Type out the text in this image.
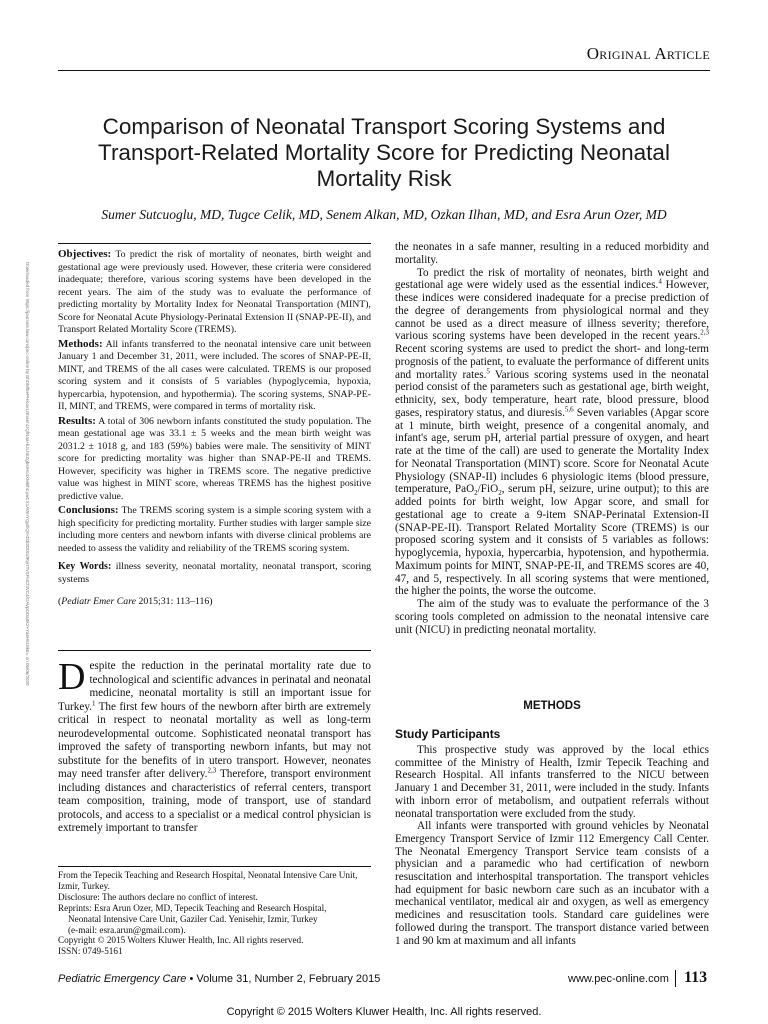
Original Article
Comparison of Neonatal Transport Scoring Systems and Transport-Related Mortality Score for Predicting Neonatal Mortality Risk
Sumer Sutcuoglu, MD, Tugce Celik, MD, Senem Alkan, MD, Ozkan Ilhan, MD, and Esra Arun Ozer, MD
Downloaded from https://journals.lww.com/pec-online by BhDMf5ePHKav1zEoum1tQfN4a+kJLhEZgbsIHo4XMi0hCywCX1AWnYQp/IlQrHD3i3D0OdRyi7TvSFl4Cf3VC4/OAVpDDa8K2+Ya6H515kE= on 05/06/2020

Objectives: To predict the risk of mortality of neonates, birth weight and gestational age were previously used. However, these criteria were considered inadequate; therefore, various scoring systems have been developed in the recent years. The aim of the study was to evaluate the performance of predicting mortality by Mortality Index for Neonatal Transportation (MINT), Score for Neonatal Acute Physiology-Perinatal Extension II (SNAP-PE-II), and Transport Related Mortality Score (TREMS).

Methods: All infants transferred to the neonatal intensive care unit between January 1 and December 31, 2011, were included. The scores of SNAP-PE-II, MINT, and TREMS of the all cases were calculated. TREMS is our proposed scoring system and it consists of 5 variables (hypoglycemia, hypoxia, hypercarbia, hypotension, and hypothermia). The scoring systems, SNAP-PE-II, MINT, and TREMS, were compared in terms of mortality risk.

Results: A total of 306 newborn infants constituted the study population. The mean gestational age was 33.1 ± 5 weeks and the mean birth weight was 2031.2 ± 1018 g, and 183 (59%) babies were male. The sensitivity of MINT score for predicting mortality was higher than SNAP-PE-II and TREMS. However, specificity was higher in TREMS score. The negative predictive value was highest in MINT score, whereas TREMS has the highest positive predictive value.

Conclusions: The TREMS scoring system is a simple scoring system with a high specificity for predicting mortality. Further studies with larger sample size including more centers and newborn infants with diverse clinical problems are needed to assess the validity and reliability of the TREMS scoring system.

Key Words: illness severity, neonatal mortality, neonatal transport, scoring systems

(Pediatr Emer Care 2015;31: 113–116)

Despite the reduction in the perinatal mortality rate due to technological and scientific advances in perinatal and neonatal medicine, neonatal mortality is still an important issue for Turkey.$^1$ The first few hours of the newborn after birth are extremely critical in respect to neonatal mortality as well as long-term neurodevelopmental outcome. Sophisticated neonatal transport has improved the safety of transporting newborn infants, but may not substitute for the benefits of in utero transport. However, neonates may need transfer after delivery.$^{2,3}$ Therefore, transport environment including distances and characteristics of referral centers, transport team composition, training, mode of transport, use of standard protocols, and access to a specialist or a medical control physician is extremely important to transfer

From the Tepecik Teaching and Research Hospital, Neonatal Intensive Care Unit, Izmir, Turkey.
Disclosure: The authors declare no conflict of interest.
Reprints: Esra Arun Ozer, MD, Tepecik Teaching and Research Hospital,
Neonatal Intensive Care Unit, Gaziler Cad. Yenisehir, Izmir, Turkey
(e-mail: esra.arun@gmail.com).
Copyright © 2015 Wolters Kluwer Health, Inc. All rights reserved.
ISSN: 0749-5161

the neonates in a safe manner, resulting in a reduced morbidity and mortality.

To predict the risk of mortality of neonates, birth weight and gestational age were widely used as the essential indices.$^4$ However, these indices were considered inadequate for a precise prediction of the degree of derangements from physiological normal and they cannot be used as a direct measure of illness severity; therefore, various scoring systems have been developed in the recent years.$^{2,3}$ Recent scoring systems are used to predict the short- and long-term prognosis of the patient, to evaluate the performance of different units and mortality rates.$^5$ Various scoring systems used in the neonatal period consist of the parameters such as gestational age, birth weight, ethnicity, sex, body temperature, heart rate, blood pressure, blood gases, respiratory status, and diuresis.$^{5,6}$ Seven variables (Apgar score at 1 minute, birth weight, presence of a congenital anomaly, and infant's age, serum pH, arterial partial pressure of oxygen, and heart rate at the time of the call) are used to generate the Mortality Index for Neonatal Transportation (MINT) score. Score for Neonatal Acute Physiology (SNAP-II) includes 6 physiologic items (blood pressure, temperature, PaO$_2$/FiO$_2$, serum pH, seizure, urine output); to this are added points for birth weight, low Apgar score, and small for gestational age to create a 9-item SNAP-Perinatal Extension-II (SNAP-PE-II). Transport Related Mortality Score (TREMS) is our proposed scoring system and it consists of 5 variables as follows: hypoglycemia, hypoxia, hypercarbia, hypotension, and hypothermia. Maximum points for MINT, SNAP-PE-II, and TREMS scores are 40, 47, and 5, respectively. In all scoring systems that were mentioned, the higher the points, the worse the outcome.

The aim of the study was to evaluate the performance of the 3 scoring tools completed on admission to the neonatal intensive care unit (NICU) in predicting neonatal mortality.

METHODS
Study Participants

This prospective study was approved by the local ethics committee of the Ministry of Health, Izmir Tepecik Teaching and Research Hospital. All infants transferred to the NICU between January 1 and December 31, 2011, were included in the study. Infants with inborn error of metabolism, and outpatient referrals without neonatal transportation were excluded from the study.

All infants were transported with ground vehicles by Neonatal Emergency Transport Service of Izmir 112 Emergency Call Center. The Neonatal Emergency Transport Service team consists of a physician and a paramedic who had certification of newborn resuscitation and interhospital transportation. The transport vehicles had equipment for basic newborn care such as an incubator with a mechanical ventilator, medical air and oxygen, as well as emergency medicines and resuscitation tools. Standard care guidelines were followed during the transport. The transport distance varied between 1 and 90 km at maximum and all infants

Pediatric Emergency Care • Volume 31, Number 2, February 2015	www.pec-online.com 113
Copyright © 2015 Wolters Kluwer Health, Inc. All rights reserved.
